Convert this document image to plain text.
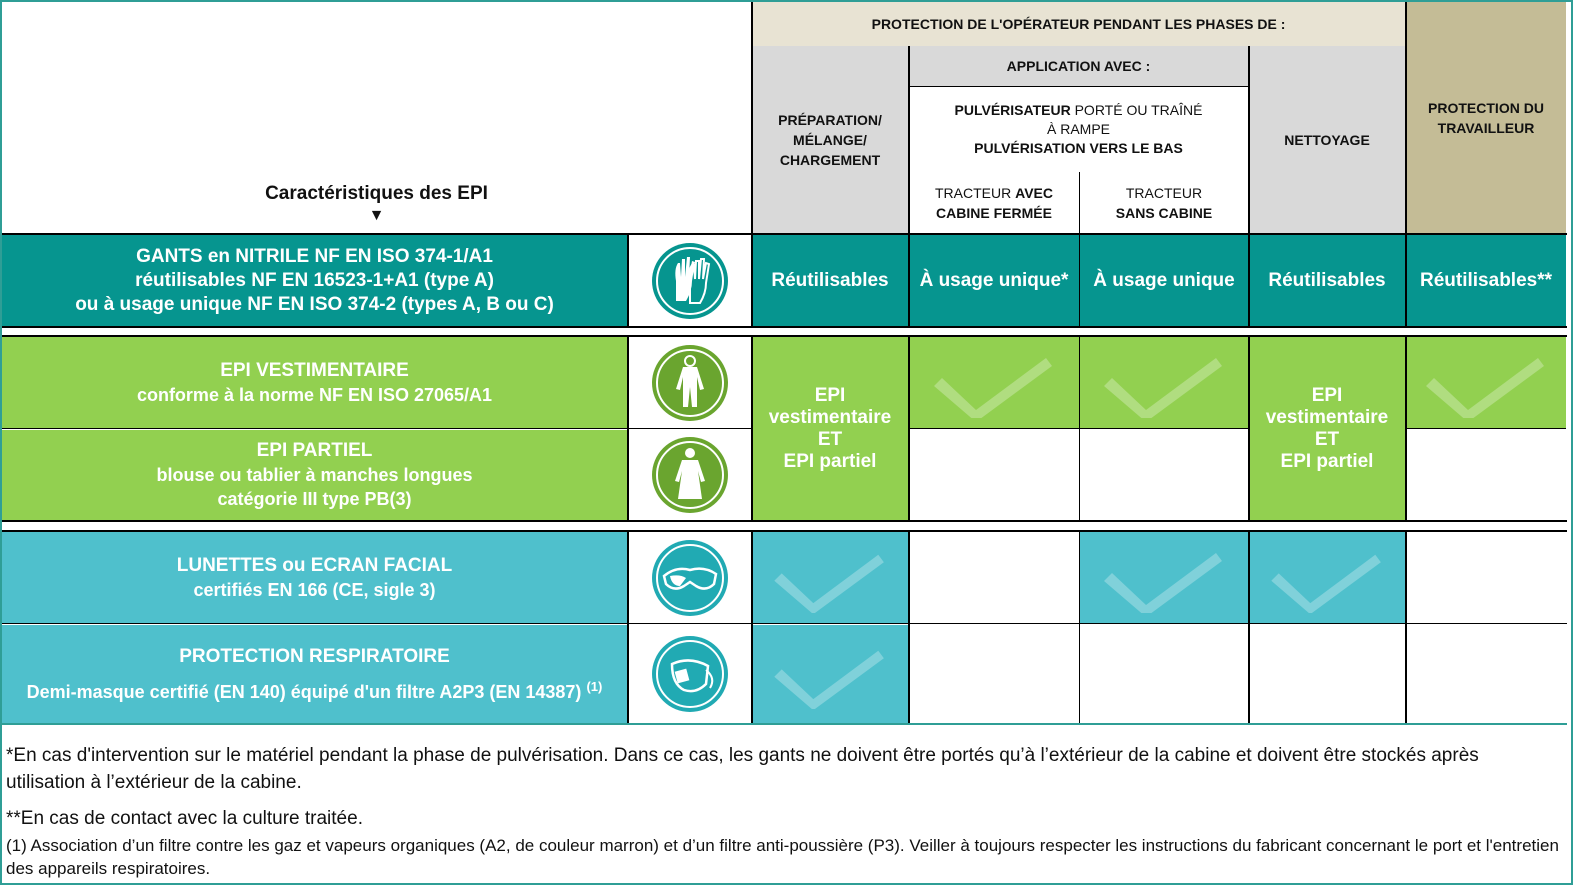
Caractéristiques des EPI
▼
PROTECTION DE L'OPÉRATEUR PENDANT LES PHASES DE :
PROTECTION DU
TRAVAILLEUR
PRÉPARATION/
MÉLANGE/
CHARGEMENT
APPLICATION AVEC :
PULVÉRISATEUR PORTÉ OU TRAÎNÉ
À RAMPE
PULVÉRISATION VERS LE BAS
TRACTEUR AVEC
CABINE FERMÉE
TRACTEUR
SANS CABINE
NETTOYAGE
GANTS en NITRILE NF EN ISO 374-1/A1
réutilisables NF EN 16523-1+A1 (type A)
ou à usage unique NF EN ISO 374-2 (types A, B ou C)
Réutilisables À usage unique* À usage unique Réutilisables Réutilisables**
EPI VESTIMENTAIRE
conforme à la norme NF EN ISO 27065/A1
EPI PARTIEL
blouse ou tablier à manches longues
catégorie III type PB(3)
EPI
vestimentaire
ET
EPI partiel
EPI
vestimentaire
ET
EPI partiel
LUNETTES ou ECRAN FACIAL
certifiés EN 166 (CE, sigle 3)
PROTECTION RESPIRATOIRE
Demi-masque certifié (EN 140) équipé d'un filtre A2P3 (EN 14387) $^{(1)}$
*En cas d'intervention sur le matériel pendant la phase de pulvérisation. Dans ce cas, les gants ne doivent être portés qu’à l’extérieur de la cabine et doivent être stockés après utilisation à l’extérieur de la cabine.
**En cas de contact avec la culture traitée.
(1) Association d’un filtre contre les gaz et vapeurs organiques (A2, de couleur marron) et d’un filtre anti-poussière (P3). Veiller à toujours respecter les instructions du fabricant concernant le port et l'entretien des appareils respiratoires.
